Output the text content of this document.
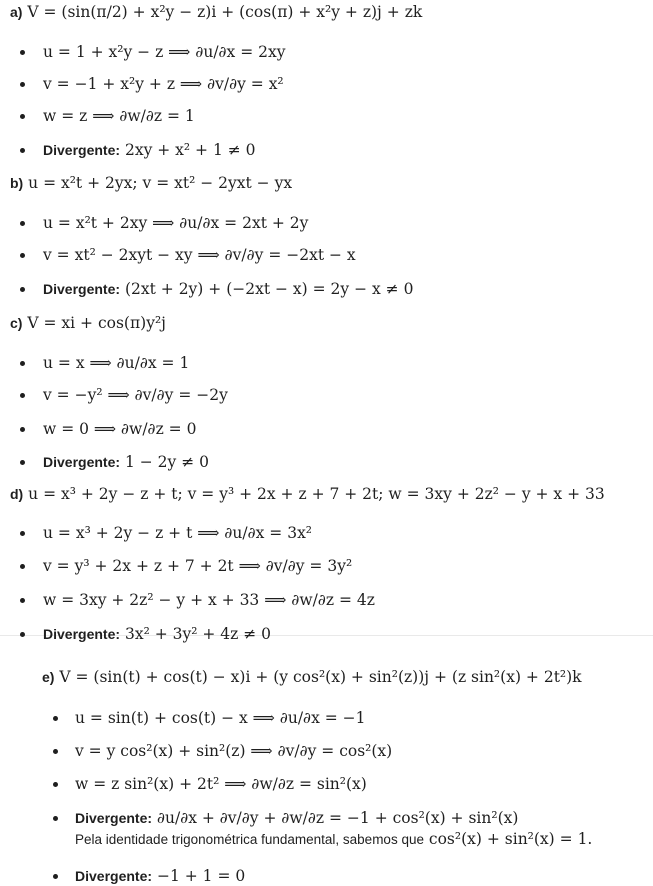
a) V = (sin(π/2) + x²y − z)i + (cos(π) + x²y + z)j + zk
u = 1 + x²y − z ⟹ ∂u/∂x = 2xy
v = −1 + x²y + z ⟹ ∂v/∂y = x²
w = z ⟹ ∂w/∂z = 1
Divergente: 2xy + x² + 1 ≠ 0
b) u = x²t + 2yx; v = xt² − 2yxt − yx
u = x²t + 2xy ⟹ ∂u/∂x = 2xt + 2y
v = xt² − 2xyt − xy ⟹ ∂v/∂y = −2xt − x
Divergente: (2xt + 2y) + (−2xt − x) = 2y − x ≠ 0
c) V = xi + cos(π)y²j
u = x ⟹ ∂u/∂x = 1
v = −y² ⟹ ∂v/∂y = −2y
w = 0 ⟹ ∂w/∂z = 0
Divergente: 1 − 2y ≠ 0
d) u = x³ + 2y − z + t; v = y³ + 2x + z + 7 + 2t; w = 3xy + 2z² − y + x + 33
u = x³ + 2y − z + t ⟹ ∂u/∂x = 3x²
v = y³ + 2x + z + 7 + 2t ⟹ ∂v/∂y = 3y²
w = 3xy + 2z² − y + x + 33 ⟹ ∂w/∂z = 4z
Divergente: 3x² + 3y² + 4z ≠ 0
e) V = (sin(t) + cos(t) − x)i + (y cos²(x) + sin²(z))j + (z sin²(x) + 2t²)k
u = sin(t) + cos(t) − x ⟹ ∂u/∂x = −1
v = y cos²(x) + sin²(z) ⟹ ∂v/∂y = cos²(x)
w = z sin²(x) + 2t² ⟹ ∂w/∂z = sin²(x)
Divergente: ∂u/∂x + ∂v/∂y + ∂w/∂z = −1 + cos²(x) + sin²(x)
Pela identidade trigonométrica fundamental, sabemos que cos²(x) + sin²(x) = 1.
Divergente: −1 + 1 = 0
